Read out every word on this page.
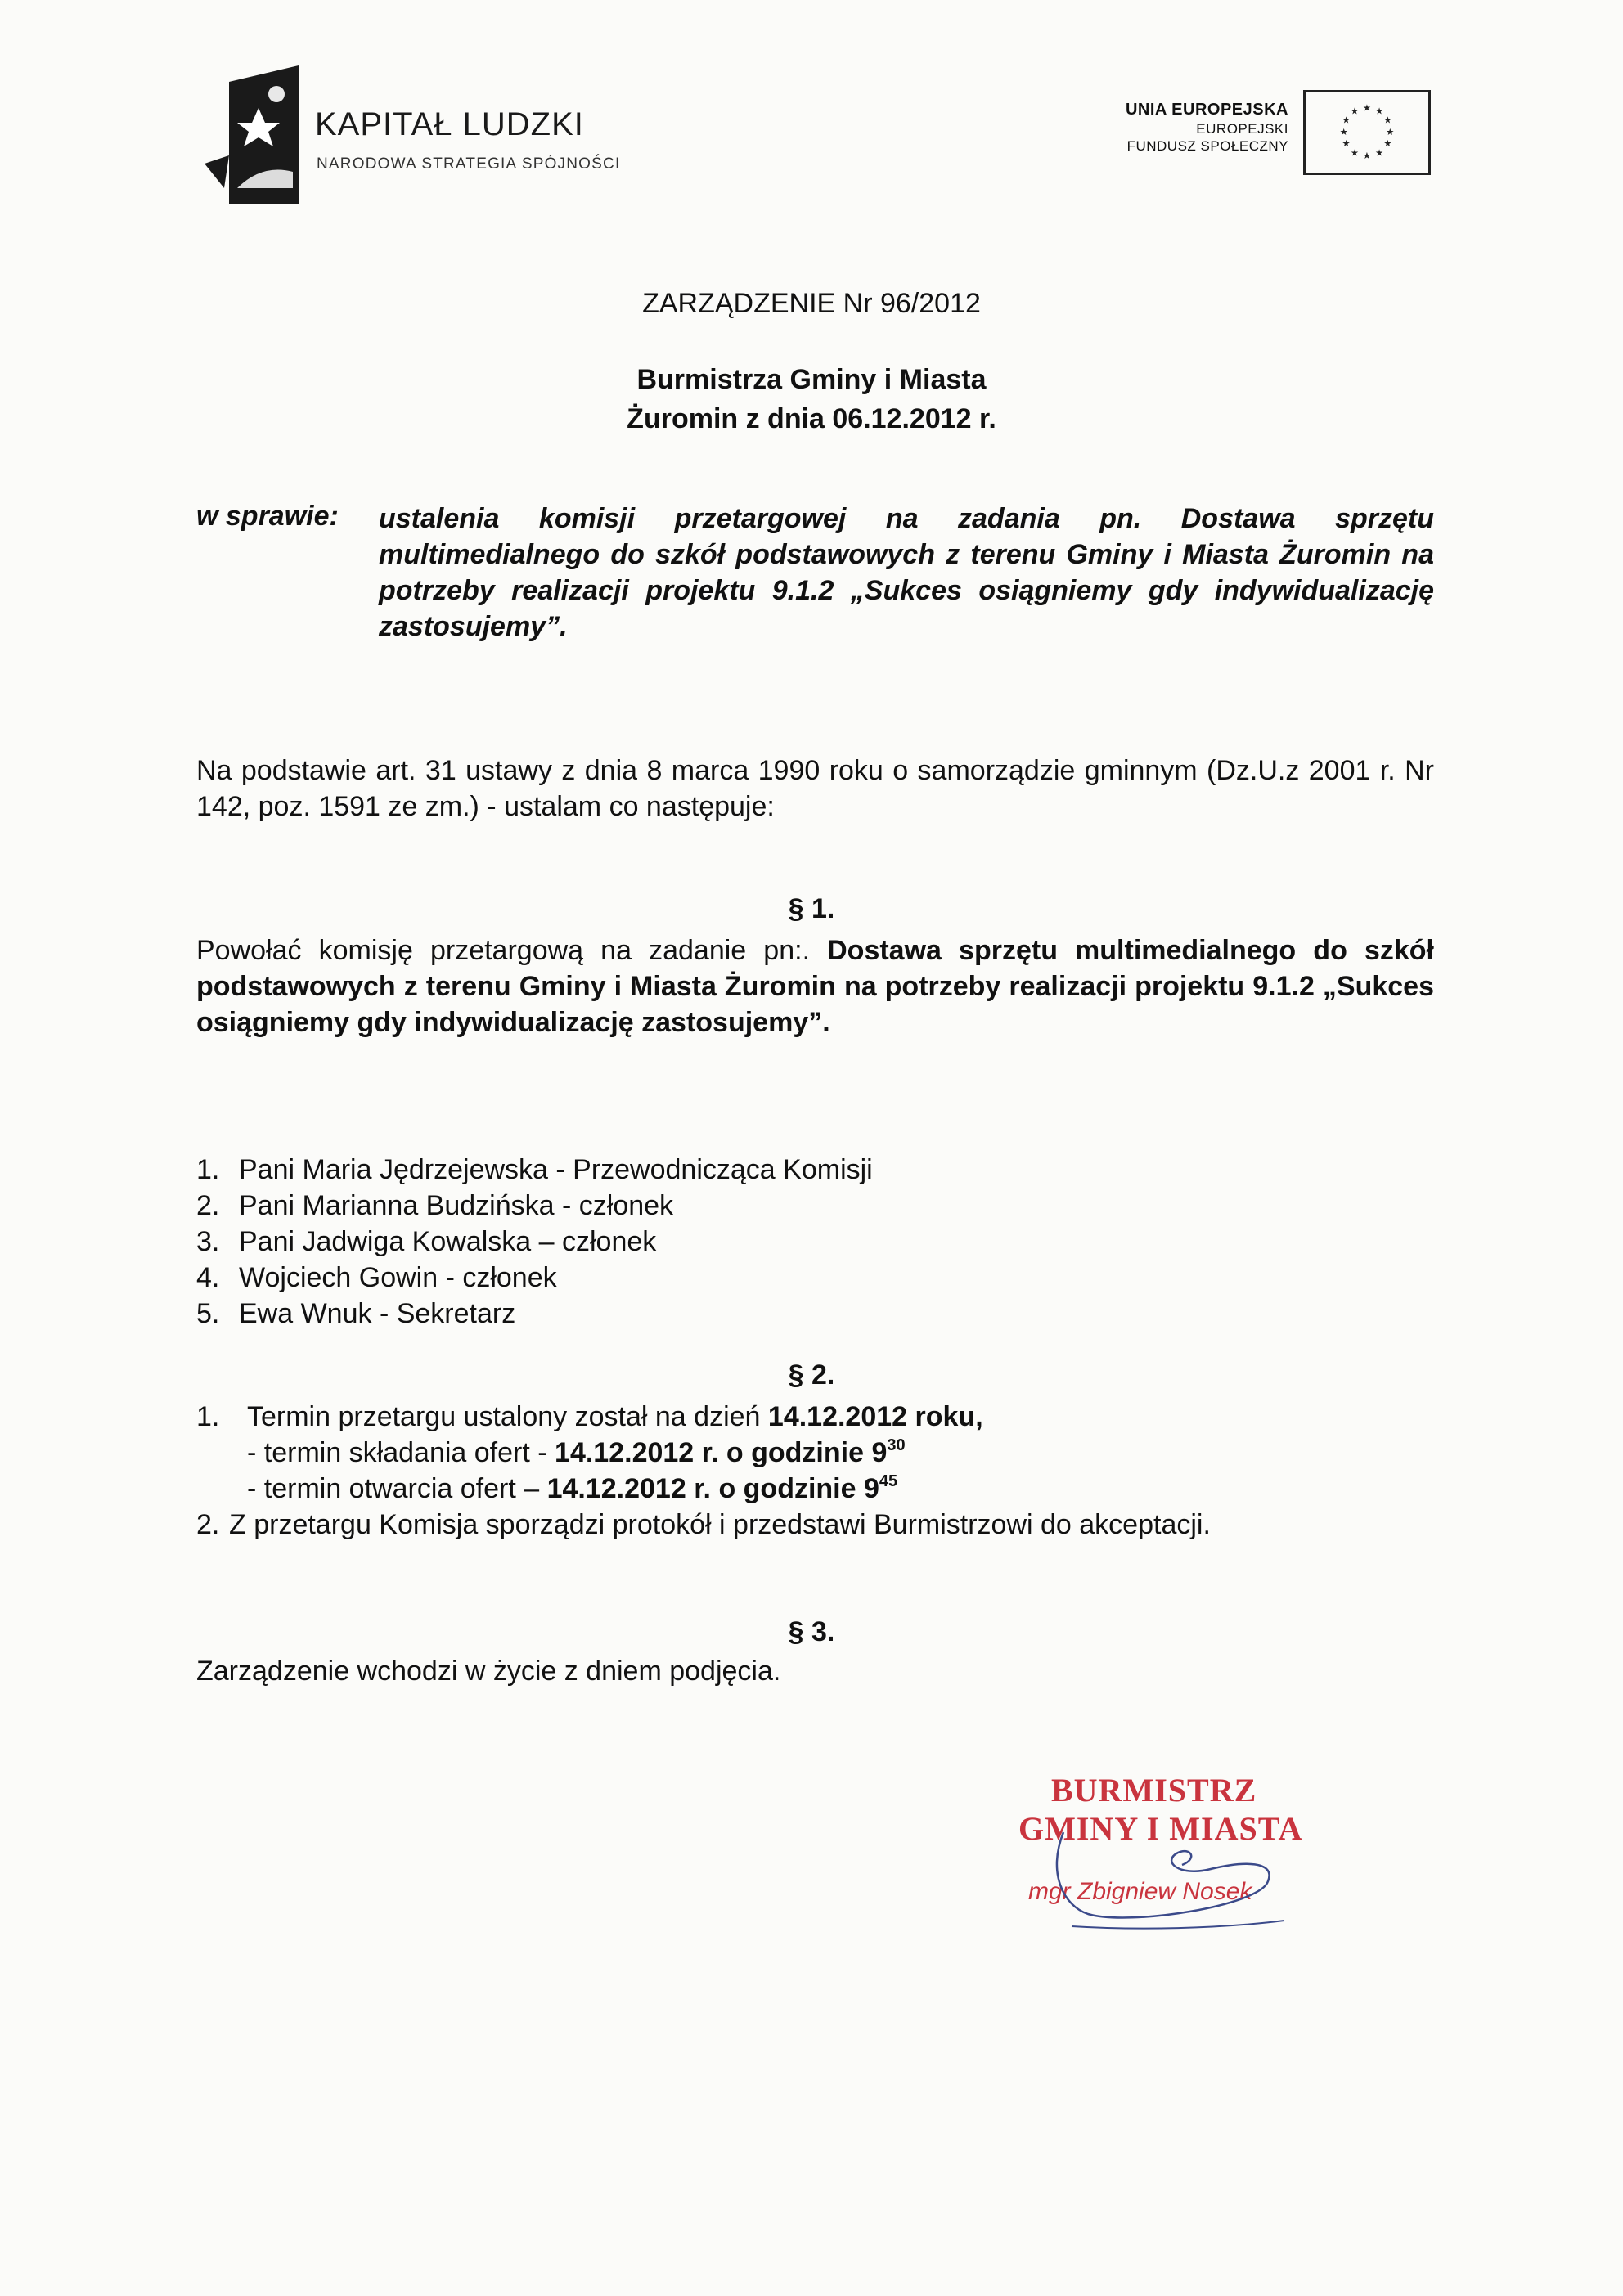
KAPITAŁ LUDZKI
NARODOWA STRATEGIA SPÓJNOŚCI
UNIA EUROPEJSKA
EUROPEJSKI
FUNDUSZ SPOŁECZNY
★ ★
★
★
★
★
★
★
★
★
★
★
ZARZĄDZENIE Nr 96/2012
Burmistrza Gminy i Miasta
Żuromin z dnia 06.12.2012 r.
w sprawie: ustalenia komisji przetargowej na zadania pn. Dostawa sprzętu multimedialnego do szkół podstawowych z terenu Gminy i Miasta Żuromin na potrzeby realizacji projektu 9.1.2 „Sukces osiągniemy gdy indywidualizację zastosujemy”.
Na podstawie art. 31 ustawy z dnia 8 marca 1990 roku o samorządzie gminnym (Dz.U.z 2001 r. Nr 142, poz. 1591 ze zm.) - ustalam co następuje:
§ 1.
Powołać komisję przetargową na zadanie pn:. Dostawa sprzętu multimedialnego do szkół podstawowych z terenu Gminy i Miasta Żuromin na potrzeby realizacji projektu 9.1.2 „Sukces osiągniemy gdy indywidualizację zastosujemy”.
1. Pani Maria Jędrzejewska - Przewodnicząca Komisji
2. Pani Marianna Budzińska - członek
3. Pani Jadwiga Kowalska – członek
4. Wojciech Gowin - członek
5. Ewa Wnuk - Sekretarz
§ 2.
1. Termin przetargu ustalony został na dzień 14.12.2012 roku,
- termin składania ofert - 14.12.2012 r. o godzinie $9^{30}$
- termin otwarcia ofert – 14.12.2012 r. o godzinie $9^{45}$
2. Z przetargu Komisja sporządzi protokół i przedstawi Burmistrzowi do akceptacji.
§ 3.
Zarządzenie wchodzi w życie z dniem podjęcia.
BURMISTRZ
GMINY I MIASTA
mgr Zbigniew Nosek
